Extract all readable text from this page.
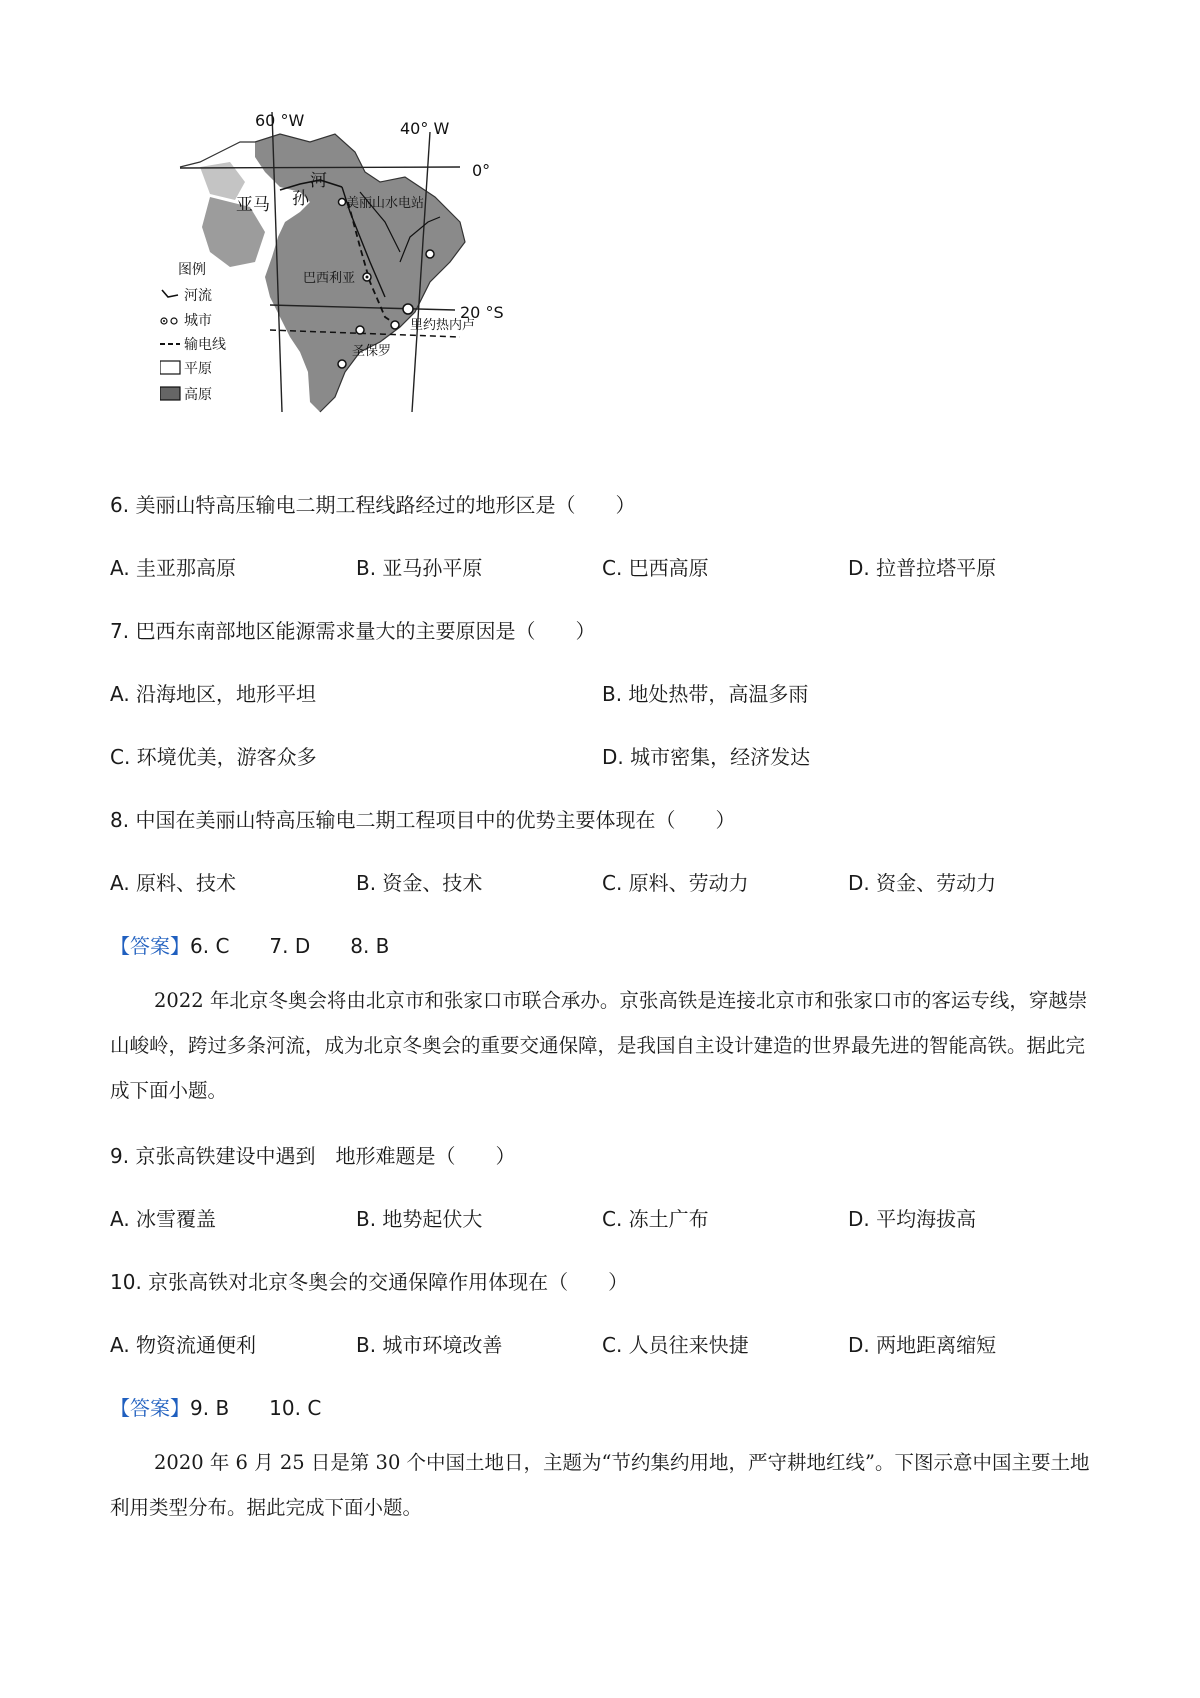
60 °W	40° W
0°
20 °S
亚马 孙
河
美丽山水电站
巴西利亚
里约热内卢
圣保罗
图例
河流
城市
输电线
平原
高原
6. 美丽山特高压输电二期工程线路经过的地形区是（　　）
A. 圭亚那高原	B. 亚马孙平原	C. 巴西高原	D. 拉普拉塔平原
7. 巴西东南部地区能源需求量大的主要原因是（　　）
A. 沿海地区，地形平坦	B. 地处热带，高温多雨
C. 环境优美，游客众多	D. 城市密集，经济发达
8. 中国在美丽山特高压输电二期工程项目中的优势主要体现在（　　）
A. 原料、技术	B. 资金、技术	C. 原料、劳动力	D. 资金、劳动力
【答案】6. C　　7. D　　8. B
2022 年北京冬奥会将由北京市和张家口市联合承办。京张高铁是连接北京市和张家口市的客运专线，穿越崇山峻岭，跨过多条河流，成为北京冬奥会的重要交通保障，是我国自主设计建造的世界最先进的智能高铁。据此完成下面小题。
9. 京张高铁建设中遇到　地形难题是（　　）
A. 冰雪覆盖	B. 地势起伏大	C. 冻土广布	D. 平均海拔高
10. 京张高铁对北京冬奥会的交通保障作用体现在（　　）
A. 物资流通便利	B. 城市环境改善	C. 人员往来快捷	D. 两地距离缩短
【答案】9. B　　10. C
2020 年 6 月 25 日是第 30 个中国土地日，主题为“节约集约用地，严守耕地红线”。下图示意中国主要土地利用类型分布。据此完成下面小题。
